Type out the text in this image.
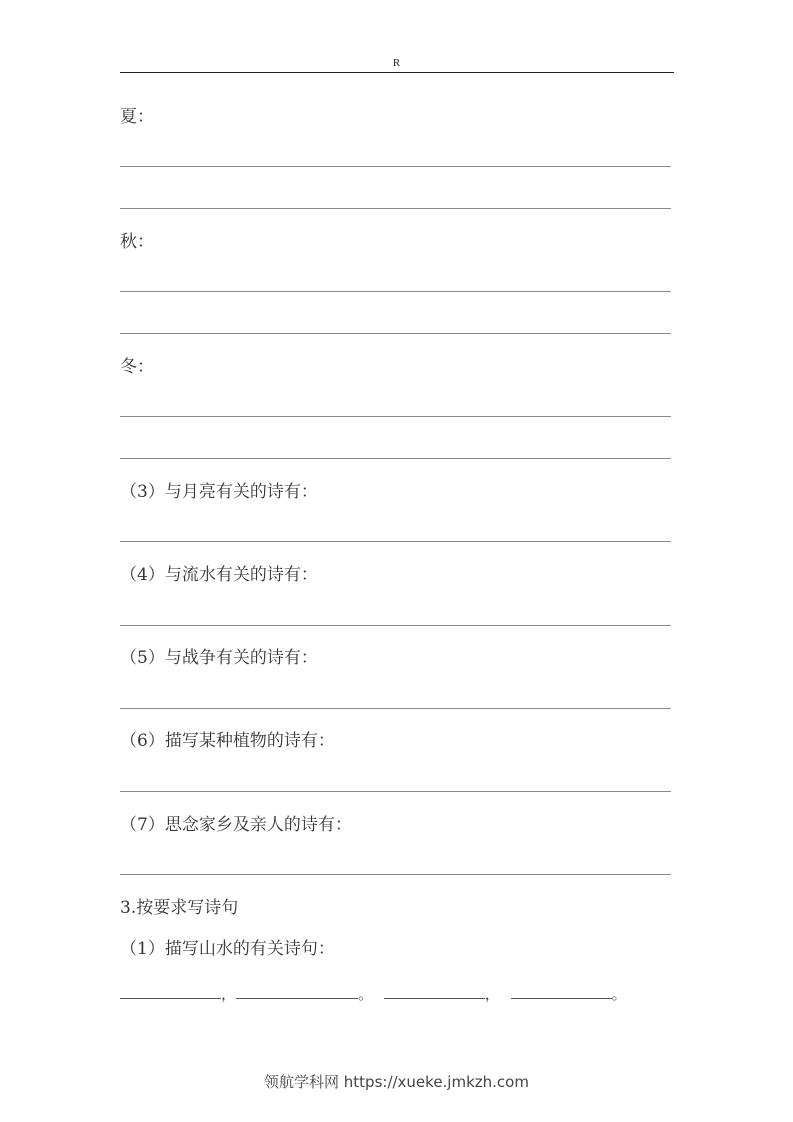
R
夏：
秋：
冬：
（3）与月亮有关的诗有：
（4）与流水有关的诗有：
（5）与战争有关的诗有：
（6）描写某种植物的诗有：
（7）思念家乡及亲人的诗有：
3.按要求写诗句
（1）描写山水的有关诗句：
，	。	，	。
领航学科网 https://xueke.jmkzh.com
